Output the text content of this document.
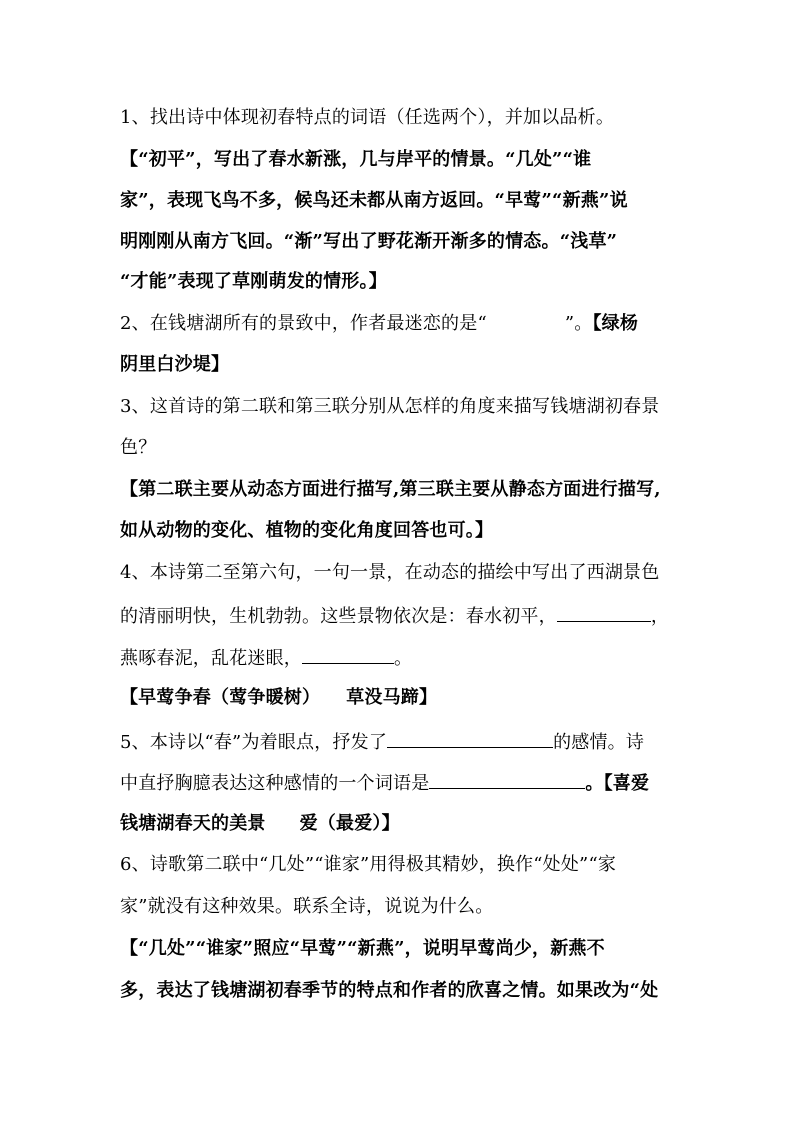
1、找出诗中体现初春特点的词语（任选两个），并加以品析。
【“初平”，写出了春水新涨，几与岸平的情景。“几处”“谁
家”，表现飞鸟不多，候鸟还未都从南方返回。“早莺”“新燕”说
明刚刚从南方飞回。“渐”写出了野花渐开渐多的情态。“浅草”
“才能”表现了草刚萌发的情形。】
2、在钱塘湖所有的景致中，作者最迷恋的是“	”。【绿杨
阴里白沙堤】
3、这首诗的第二联和第三联分别从怎样的角度来描写钱塘湖初春景
色？
【第二联主要从动态方面进行描写,第三联主要从静态方面进行描写,
如从动物的变化、植物的变化角度回答也可。】
4、本诗第二至第六句，一句一景，在动态的描绘中写出了西湖景色
的清丽明快，生机勃勃。这些景物依次是：春水初平，	，
燕啄春泥，乱花迷眼，	。
【早莺争春（莺争暖树） 草没马蹄】
5、本诗以“春”为着眼点，抒发了	的感情。诗
中直抒胸臆表达这种感情的一个词语是	。【喜爱
钱塘湖春天的美景 爱（最爱）】
6、诗歌第二联中“几处”“谁家”用得极其精妙，换作“处处”“家
家”就没有这种效果。联系全诗，说说为什么。
【“几处”“谁家”照应“早莺”“新燕”，说明早莺尚少，新燕不
多，表达了钱塘湖初春季节的特点和作者的欣喜之情。如果改为“处
